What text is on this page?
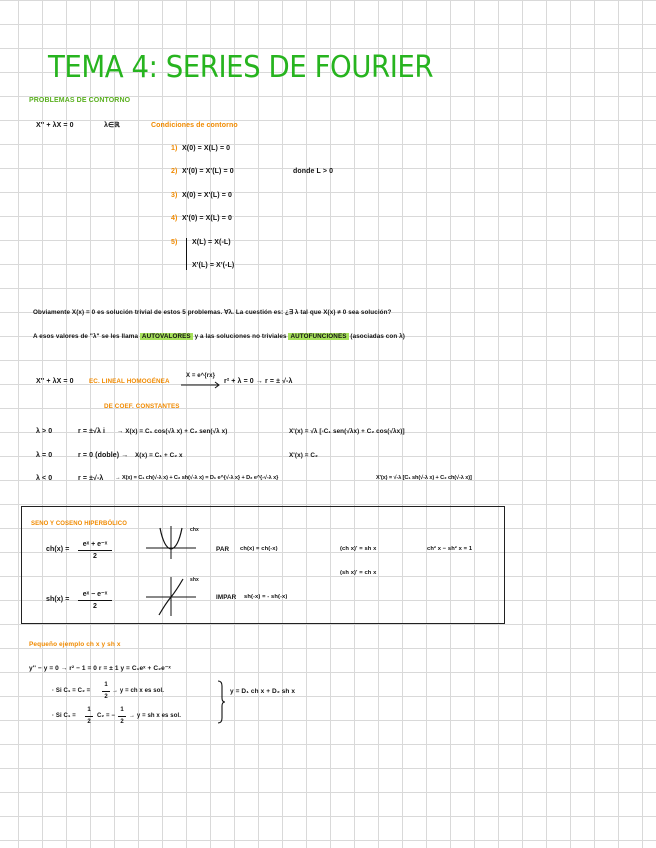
TEMA 4: SERIES DE FOURIER
PROBLEMAS DE CONTORNO
X'' + λX = 0	λ∈ℝ	Condiciones de contorno
1) X(0) = X(L) = 0
2) X'(0) = X'(L) = 0
3) X(0) = X'(L) = 0
4) X'(0) = X(L) = 0
5) X(L) = X(-L)
X'(L) = X'(-L)
donde L > 0
Obviamente X(x) = 0 es solución trivial de estos 5 problemas. ∀λ. La cuestión es: ¿∃ λ tal que X(x) ≠ 0 sea solución?
A esos valores de "λ" se les llama AUTOVALORES y a las soluciones no triviales AUTOFUNCIONES (asociadas con λ)
X'' + λX = 0 EC. LINEAL HOMOGÉNEA
DE COEF. CONSTANTES
X = e^{rx}
r² + λ = 0 → r = ± √-λ
λ > 0	r = ±√λ i → X(x) = C₁ cos(√λ x) + C₂ sen(√λ x)	X'(x) = √λ [-C₁ sen(√λx) + C₂ cos(√λx)]
λ = 0	r = 0 (doble) → X(x) = C₁ + C₂ x	X'(x) = C₂
λ < 0	r = ±√-λ → X(x) = C₁ ch(√-λ x) + C₂ sh(√-λ x) = D₁ e^{√-λ x} + D₂ e^{-√-λ x}	X'(x) = √-λ [C₁ sh(√-λ x) + C₂ ch(√-λ x)]
SENO Y COSENO HIPERBÓLICO
ch(x) =
eˣ + e⁻ˣ
2
sh(x) =
eˣ − e⁻ˣ
2
chx
shx
PAR ch(x) = ch(-x)
IMPAR sh(-x) = - sh(-x)
(ch x)' = sh x
(sh x)' = ch x
ch² x − sh² x = 1
Pequeño ejemplo ch x y sh x
y'' − y = 0 → r² − 1 = 0 r = ± 1 y = C₁eˣ + C₂e⁻ˣ
· Si C₁ = C₂ =
1
2
→ y = ch x es sol.
· Si C₁ =
1
2
C₂ = −
1
2
→ y = sh x es sol.
y = D₁ ch x + D₂ sh x
